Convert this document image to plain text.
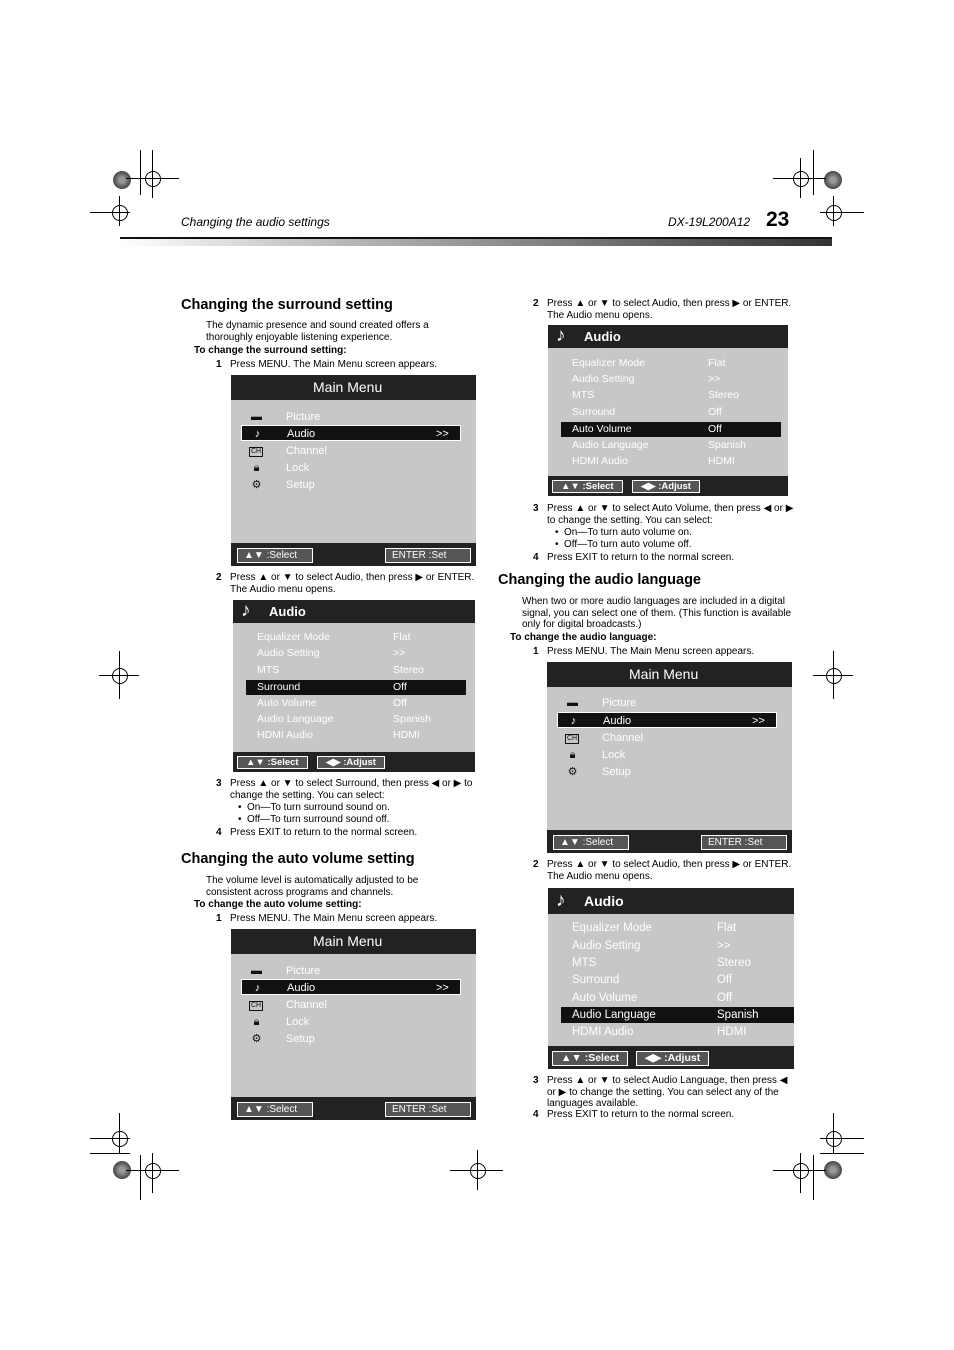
Changing the audio settings	DX-19L200A12 23
Changing the surround setting
The dynamic presence and sound created offers a thoroughly enjoyable listening experience.
To change the surround setting:
1 Press MENU. The Main Menu screen appears.
Main Menu
▬ Picture
♪	Audio	>>
CH Channel
🔒︎	Lock
⚙ Setup
▲▼ :Select	ENTER :Set
2 Press ▲ or ▼ to select Audio, then press ▶ or ENTER. The Audio menu opens.
♪ Audio
Equalizer Mode	Flat
Audio Setting	>>
MTS	Stereo
Surround	Off
Auto Volume	Off
Audio Language	Spanish
HDMI Audio	HDMI
▲▼ :Select	◀▶ :Adjust
3 Press ▲ or ▼ to select Surround, then press ◀ or ▶ to change the setting. You can select:
• On—To turn surround sound on.
• Off—To turn surround sound off.
4 Press EXIT to return to the normal screen.
Changing the auto volume setting
The volume level is automatically adjusted to be consistent across programs and channels.
To change the auto volume setting:
1 Press MENU. The Main Menu screen appears.
Main Menu
▬ Picture
♪	Audio	>>
CH Channel
🔒︎	Lock
⚙ Setup
▲▼ :Select	ENTER :Set
2 Press ▲ or ▼ to select Audio, then press ▶ or ENTER. The Audio menu opens.
♪ Audio
Equalizer Mode	Flat
Audio Setting	>>
MTS	Stereo
Surround	Off
Auto Volume	Off
Audio Language	Spanish
HDMI Audio	HDMI
▲▼ :Select	◀▶ :Adjust
3 Press ▲ or ▼ to select Auto Volume, then press ◀ or ▶ to change the setting. You can select:
• On—To turn auto volume on.
• Off—To turn auto volume off.
4 Press EXIT to return to the normal screen.
Changing the audio language
When two or more audio languages are included in a digital signal, you can select one of them. (This function is available only for digital broadcasts.)
To change the audio language:
1 Press MENU. The Main Menu screen appears.
Main Menu
▬ Picture
♪	Audio	>>
CH Channel
🔒︎	Lock
⚙ Setup
▲▼ :Select	ENTER :Set
2 Press ▲ or ▼ to select Audio, then press ▶ or ENTER. The Audio menu opens.
♪ Audio
Equalizer Mode	Flat
Audio Setting	>>
MTS	Stereo
Surround	Off
Auto Volume	Off
Audio Language	Spanish
HDMI Audio	HDMI
▲▼ :Select	◀▶ :Adjust
3 Press ▲ or ▼ to select Audio Language, then press ◀ or ▶ to change the setting. You can select any of the languages available.
4 Press EXIT to return to the normal screen.
